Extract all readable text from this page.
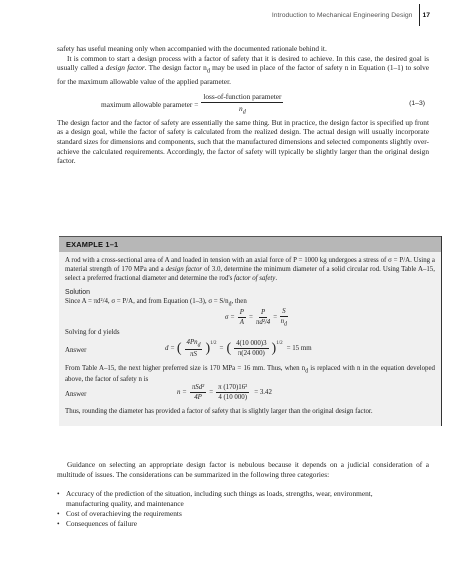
Introduction to Mechanical Engineering Design 17

safety has useful meaning only when accompanied with the documented rationale behind it.

It is common to start a design process with a factor of safety that it is desired to achieve. In this case, the desired goal is usually called a design factor. The design factor $n_d$ may be used in place of the factor of safety n in Equation (1–1) to solve for the maximum allowable value of the applied parameter.

maximum allowable parameter = $\frac{\text{loss-of-function parameter}}{n_d}$	(1–3)

The design factor and the factor of safety are essentially the same thing. But in practice, the design factor is specified up front as a design goal, while the factor of safety is calculated from the realized design. The actual design will usually incorporate standard sizes for dimensions and components, such that the manufactured dimensions and selected components slightly over-achieve the calculated requirements. Accordingly, the factor of safety will typically be slightly larger than the original design factor.

EXAMPLE 1–1
A rod with a cross-sectional area of A and loaded in tension with an axial force of P = 1000 kg undergoes a stress of σ = P/A. Using a material strength of 170 MPa and a design factor of 3.0, determine the minimum diameter of a solid circular rod. Using Table A–15, select a preferred fractional diameter and determine the rod's factor of safety.
Solution
Since A = πd²/4, σ = P/A, and from Equation (1–3), $\sigma = S/n_d$, then
$\sigma = \frac{P}{A} = \frac{P}{\text{πd²/4}} = \frac{S}{n_d}$
Solving for d yields
Answer	d = ( $\frac{4Pn_d}{\pi S} )^{1/2}$
= ( $\frac{4(10 000)3}{\pi(24 000)} )^{1/2}$
= 15 mm
From Table A–15, the next higher preferred size is 170 MPa = 16 mm. Thus, when $n_d$ is replaced with n in the equation developed above, the factor of safety n is
Answer	$n = \frac{\text{πSd²}}{4P} = \frac{\text{π (170)16²}}{4 (10 000)} = 3.42$
Thus, rounding the diameter has provided a factor of safety that is slightly larger than the original design factor.

Guidance on selecting an appropriate design factor is nebulous because it depends on a judicial consideration of a multitude of issues. The considerations can be summarized in the following three categories:

• Accuracy of the prediction of the situation, including such things as loads, strengths, wear, environment, manufacturing quality, and maintenance
• Cost of overachieving the requirements
• Consequences of failure
